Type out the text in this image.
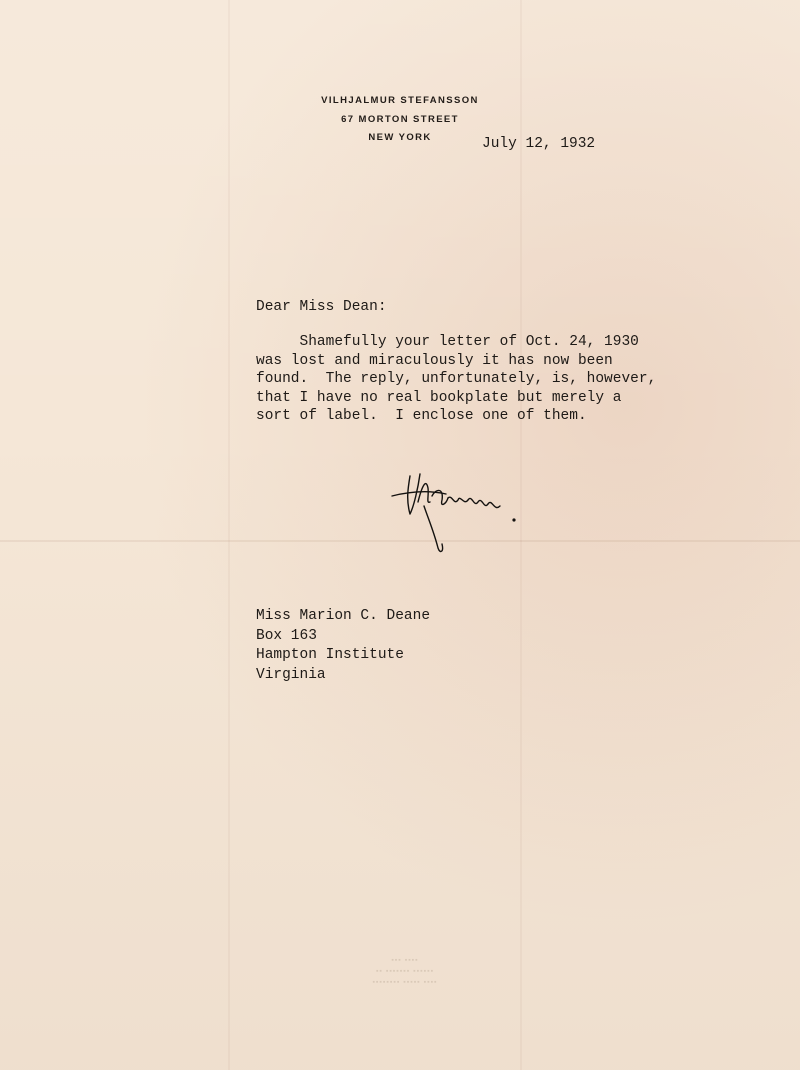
VILHJALMUR STEFANSSON
67 MORTON STREET
NEW YORK	July 12, 1932
Dear Miss Dean:
Shamefully your letter of Oct. 24, 1930
was lost and miraculously it has now been
found.  The reply, unfortunately, is, however,
that I have no real bookplate but merely a
sort of label.  I enclose one of them.
Miss Marion C. Deane
Box 163
Hampton Institute
Virginia
▪▪▪ ▪▪▪▪
▪▪ ▪▪▪▪▪▪▪ ▪▪▪▪▪▪
▪▪▪▪▪▪▪▪ ▪▪▪▪▪ ▪▪▪▪
